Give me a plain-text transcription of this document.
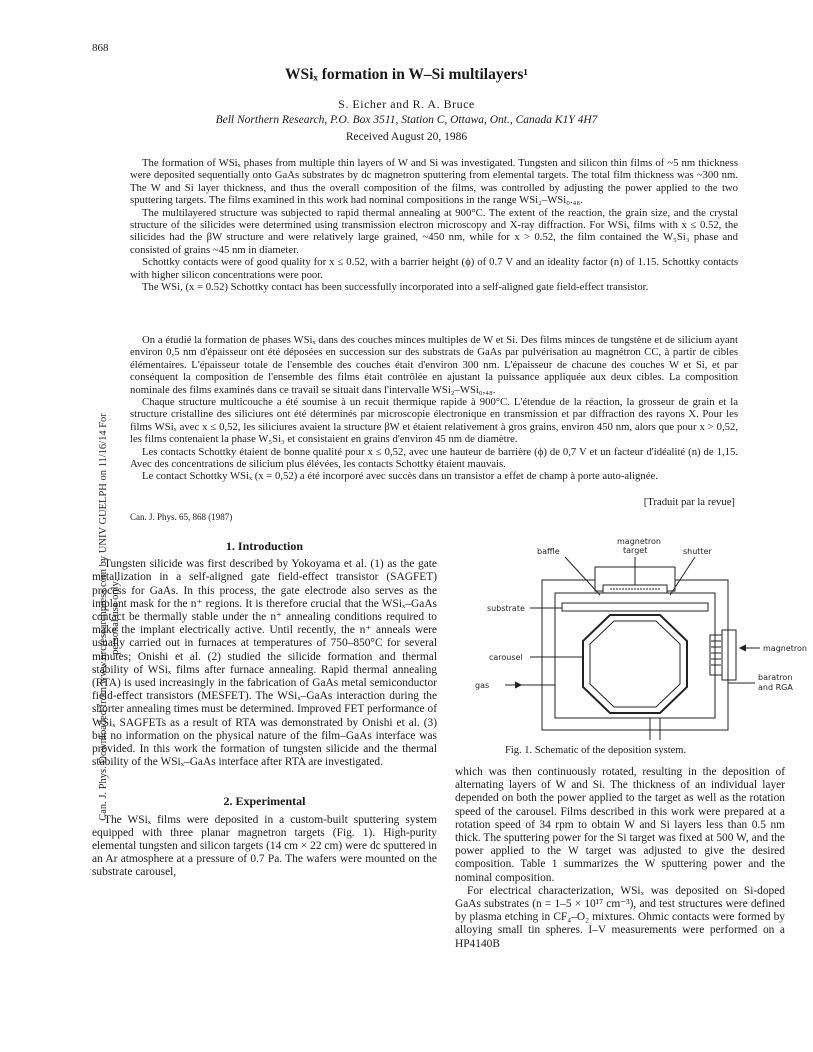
Can. J. Phys. Downloaded from www.nrcresearchpress.com by UNIV GUELPH on 11/16/14 For personal use only.
868
WSiₓ formation in W–Si multilayers¹
S. Eicher and R. A. Bruce
Bell Northern Research, P.O. Box 3511, Station C, Ottawa, Ont., Canada K1Y 4H7
Received August 20, 1986

The formation of WSiₓ phases from multiple thin layers of W and Si was investigated. Tungsten and silicon thin films of ~5 nm thickness were deposited sequentially onto GaAs substrates by dc magnetron sputtering from elemental targets. The total film thickness was ~300 nm. The W and Si layer thickness, and thus the overall composition of the films, was controlled by adjusting the power applied to the two sputtering targets. The films examined in this work had nominal compositions in the range WSi₂–WSi₀.₄₈.

The multilayered structure was subjected to rapid thermal annealing at 900°C. The extent of the reaction, the grain size, and the crystal structure of the silicides were determined using transmission electron microscopy and X-ray diffraction. For WSiₓ films with x ≤ 0.52, the silicides had the βW structure and were relatively large grained, ~450 nm, while for x > 0.52, the film contained the W₅Si₃ phase and consisted of grains ~45 nm in diameter.

Schottky contacts were of good quality for x ≤ 0.52, with a barrier height (ϕ) of 0.7 V and an ideality factor (n) of 1.15. Schottky contacts with higher silicon concentrations were poor.

The WSi, (x = 0.52) Schottky contact has been successfully incorporated into a self-aligned gate field-effect transistor.

On a étudié la formation de phases WSiₓ dans des couches minces multiples de W et Si. Des films minces de tungstène et de silicium ayant environ 0,5 nm d'épaisseur ont été déposées en succession sur des substrats de GaAs par pulvérisation au magnétron CC, à partir de cibles élémentaires. L'épaisseur totale de l'ensemble des couches était d'environ 300 nm. L'épaisseur de chacune des couches W et Si, et par conséquent la composition de l'ensemble des films était contrôlée en ajustant la puissance appliquée aux deux cibles. La composition nominale des films examinés dans ce travail se situait dans l'intervalle WSi₂–WSi₀,₄₈.

Chaque structure multicouche a été soumise à un recuit thermique rapide à 900°C. L'étendue de la réaction, la grosseur de grain et la structure cristalline des siliciures ont été déterminés par microscopie électronique en transmission et par diffraction des rayons X. Pour les films WSiₓ avec x ≤ 0,52, les siliciures avaient la structure βW et étaient relativement à gros grains, environ 450 nm, alors que pour x > 0,52, les films contenaient la phase W₅Si₃ et consistaient en grains d'environ 45 nm de diamètre.

Les contacts Schottky étaient de bonne qualité pour x ≤ 0,52, avec une hauteur de barrière (ϕ) de 0,7 V et un facteur d'idéalité (n) de 1,15. Avec des concentrations de silicium plus élévées, les contacts Schottky étaient mauvais.

Le contact Schottky WSiₓ (x = 0,52) a été incorporé avec succès dans un transistor a effet de champ à porte auto-alignée.

[Traduit par la revue]
Can. J. Phys. 65, 868 (1987)
1. Introduction

Tungsten silicide was first described by Yokoyama et al. (1) as the gate metallization in a self-aligned gate field-effect transistor (SAGFET) process for GaAs. In this process, the gate electrode also serves as the implant mask for the n⁺ regions. It is therefore crucial that the WSiₓ–GaAs contact be thermally stable under the n⁺ annealing conditions required to make the implant electrically active. Until recently, the n⁺ anneals were usually carried out in furnaces at temperatures of 750–850°C for several minutes; Onishi et al. (2) studied the silicide formation and thermal stability of WSiₓ films after furnace annealing. Rapid thermal annealing (RTA) is used increasingly in the fabrication of GaAs metal semiconductor field-effect transistors (MESFET). The WSiₓ–GaAs interaction during the shorter annealing times must be determined. Improved FET performance of WSiₓ SAGFETs as a result of RTA was demonstrated by Onishi et al. (3) but no information on the physical nature of the film–GaAs interface was provided. In this work the formation of tungsten silicide and the thermal stability of the WSiₓ–GaAs interface after RTA are investigated.

2. Experimental

The WSiₓ films were deposited in a custom-built sputtering system equipped with three planar magnetron targets (Fig. 1). High-purity elemental tungsten and silicon targets (14 cm × 22 cm) were dc sputtered in an Ar atmosphere at a pressure of 0.7 Pa. The wafers were mounted on the substrate carousel,

magnetron
target
baffle	shutter
substrate
carousel
magnetron
gas
baratron
and RGA
Fig. 1. Schematic of the deposition system.

which was then continuously rotated, resulting in the deposition of alternating layers of W and Si. The thickness of an individual layer depended on both the power applied to the target as well as the rotation speed of the carousel. Films described in this work were prepared at a rotation speed of 34 rpm to obtain W and Si layers less than 0.5 nm thick. The sputtering power for the Si target was fixed at 500 W, and the power applied to the W target was adjusted to give the desired composition. Table 1 summarizes the W sputtering power and the nominal composition.

For electrical characterization, WSiₓ was deposited on Si-doped GaAs substrates (n = 1–5 × 10¹⁷ cm⁻³), and test structures were defined by plasma etching in CF₄–O₂ mixtures. Ohmic contacts were formed by alloying small tin spheres. I–V measurements were performed on a HP4140B
